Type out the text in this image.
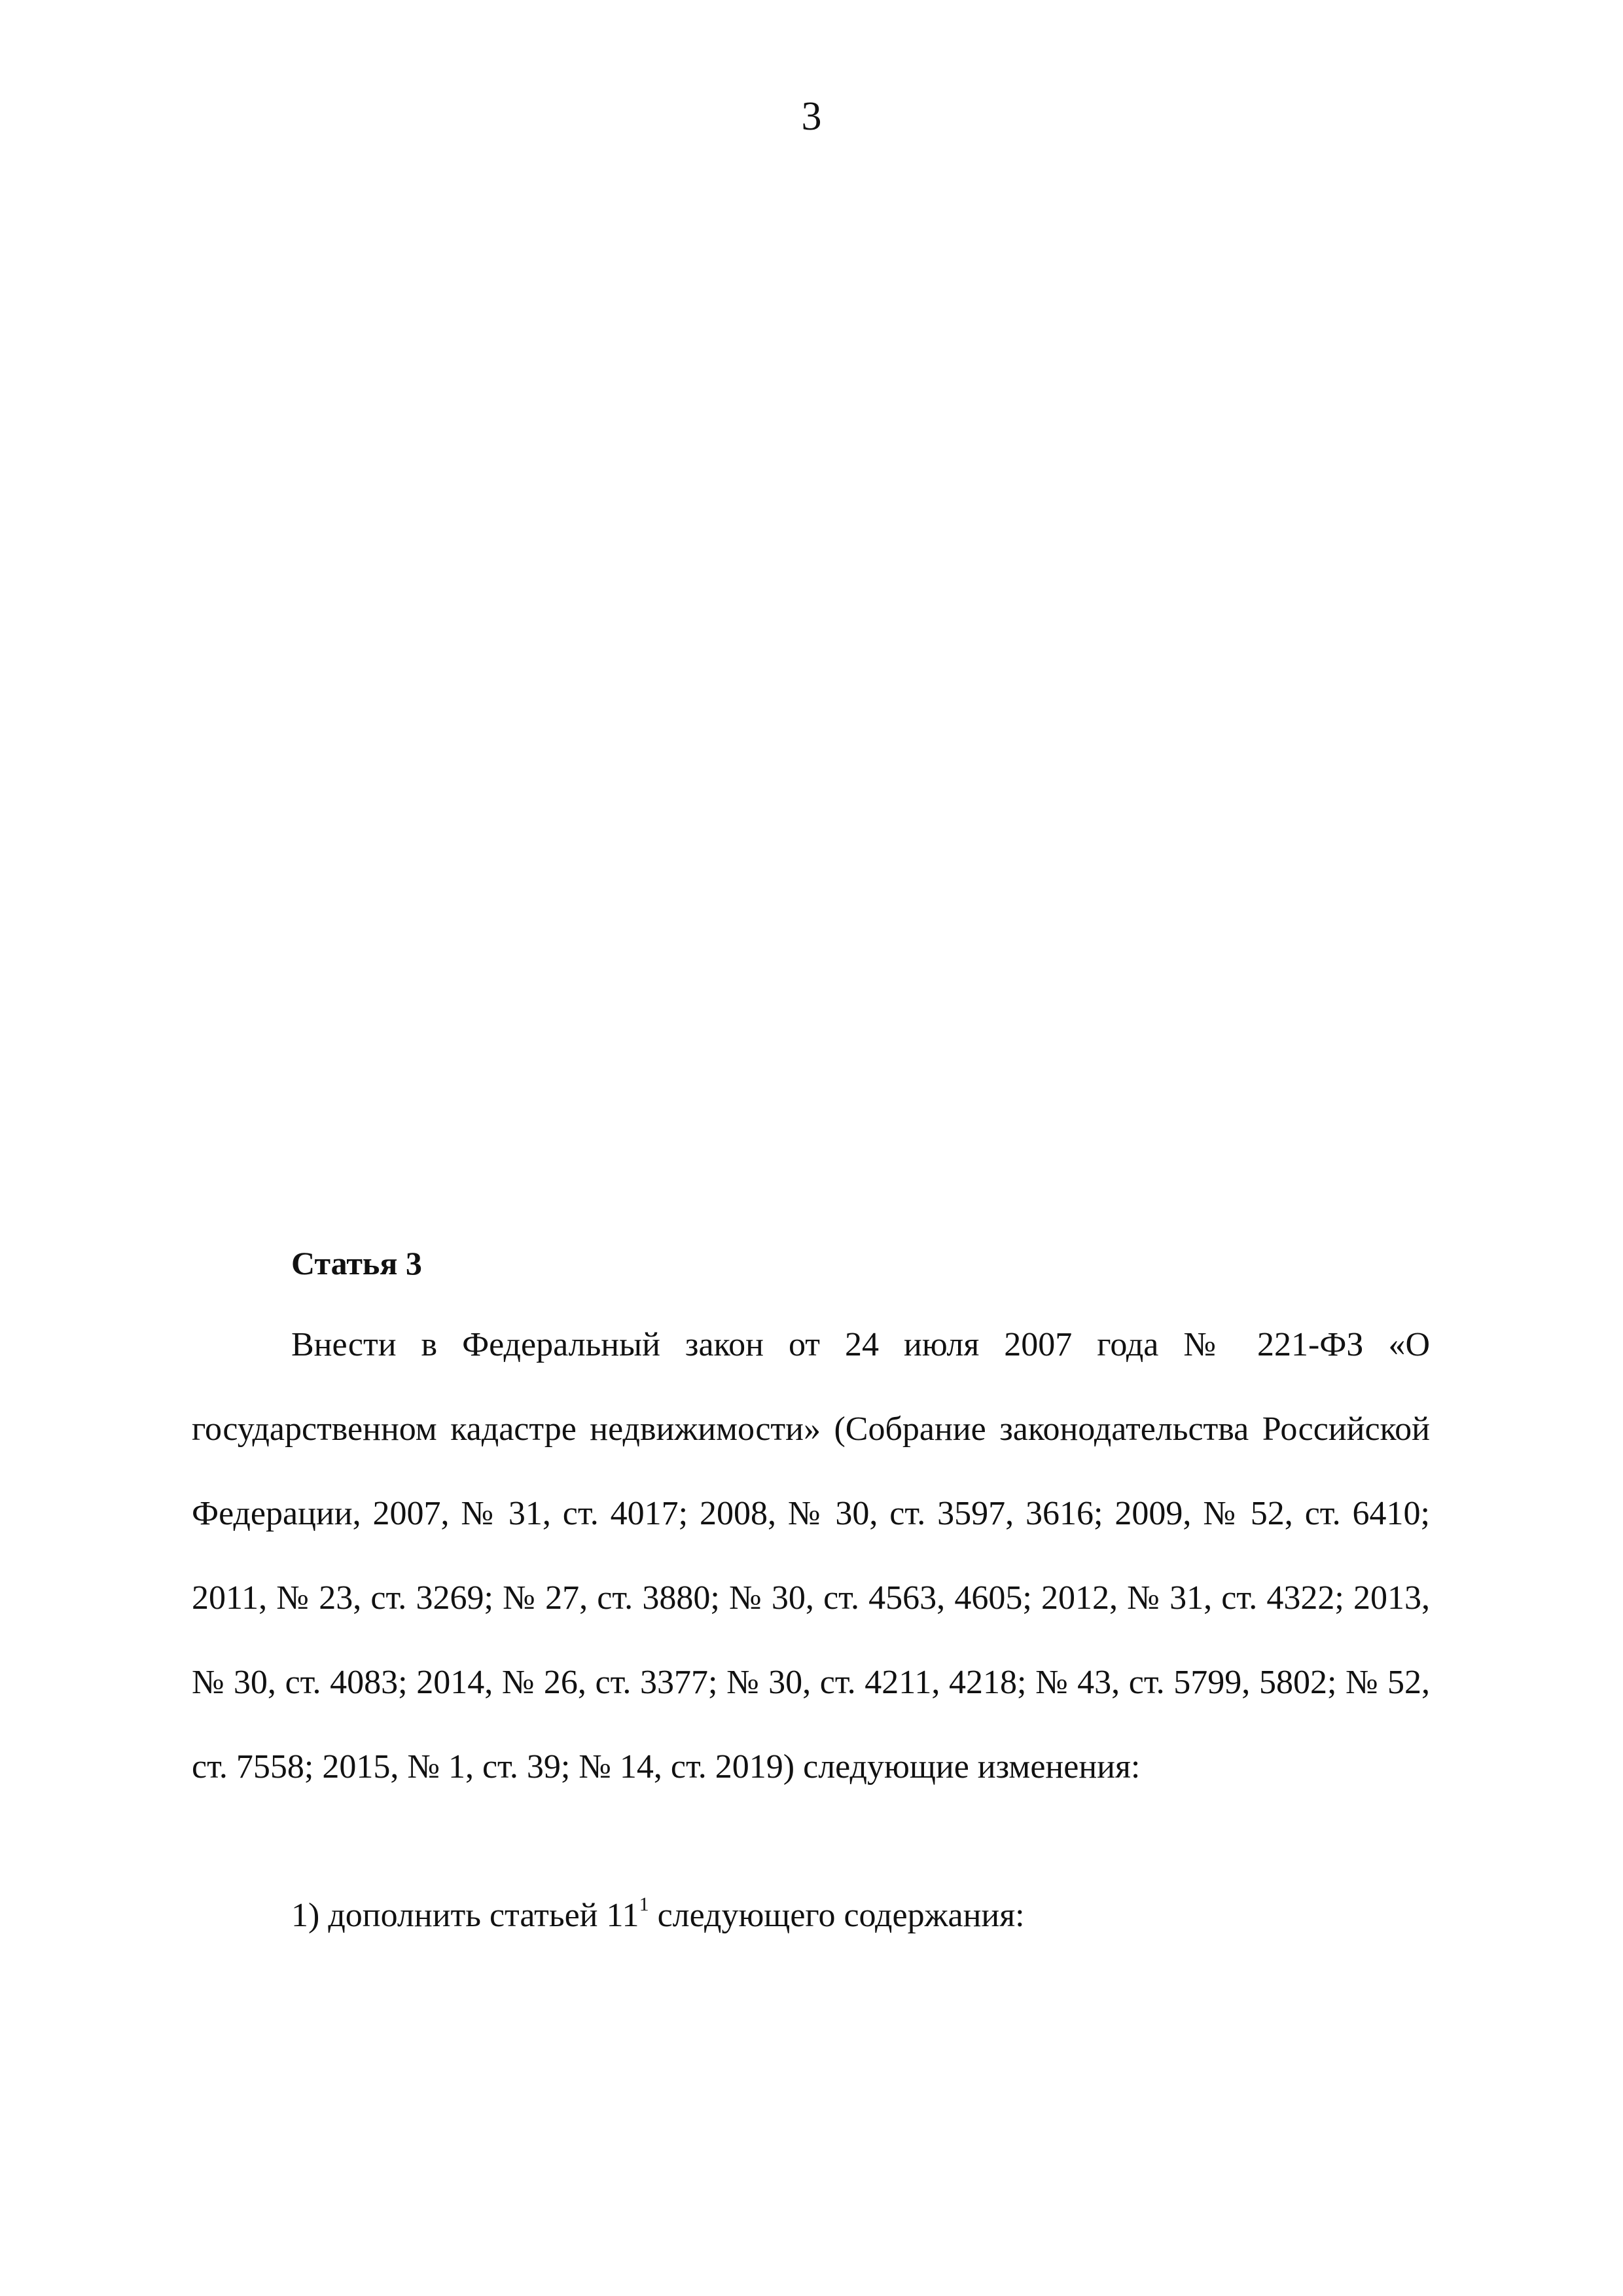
3
Статья 3

Внести в Федеральный закон от 24 июля 2007 года № 221-ФЗ «О государственном кадастре недвижимости» (Собрание законодательства Российской Федерации, 2007, № 31, ст. 4017; 2008, № 30, ст. 3597, 3616; 2009, № 52, ст. 6410; 2011, № 23, ст. 3269; № 27, ст. 3880; № 30, ст. 4563, 4605; 2012, № 31, ст. 4322; 2013, № 30, ст. 4083; 2014, № 26, ст. 3377; № 30, ст. 4211, 4218; № 43, ст. 5799, 5802; № 52, ст. 7558; 2015, № 1, ст. 39; № 14, ст. 2019) следующие изменения:

1) дополнить статьей $11^1$ следующего содержания:
